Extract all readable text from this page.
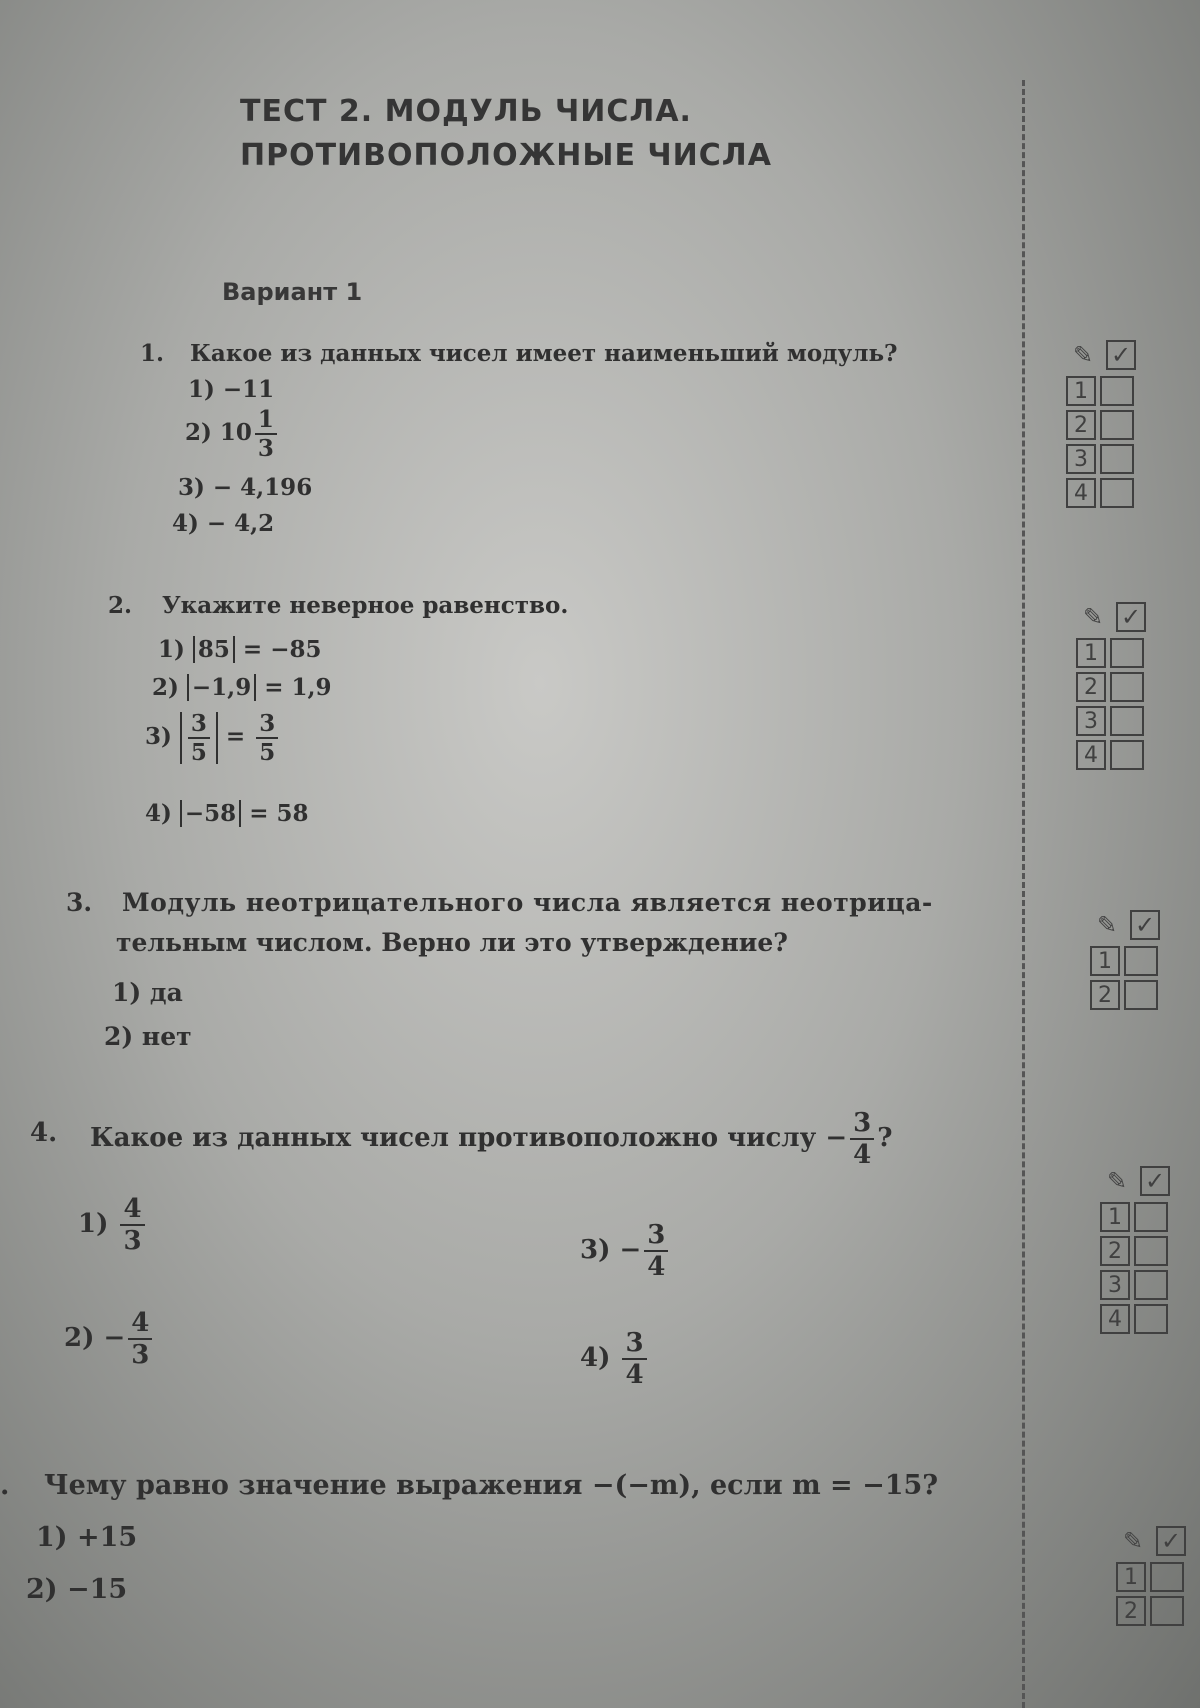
ТЕСТ 2. МОДУЛЬ ЧИСЛА.
ПРОТИВОПОЛОЖНЫЕ ЧИСЛА
Вариант 1
1. Какое из данных чисел имеет наименьший модуль?
1) −11
2) $10 \frac{1}{3}$
3) − 4,196
4) − 4,2
2. Укажите неверное равенство.
1) 85 = −85
2) −1,9 = 1,9
$3) \frac{3}{5} = \frac{3}{5}$
4) −58 = 58
3. Модуль неотрицательного числа является неотрица-
тельным числом. Верно ли это утверждение?
1) да
2) нет
4. Какое из данных чисел противоположно числу − $\frac{3}{4}$ ?
$1) \frac{4}{3}$
$2) - \frac{4}{3}$
$3) - \frac{3}{4}$
$4) \frac{3}{4}$
. Чему равно значение выражения −(−m), если m = −15?
1) +15
2) −15
✎ ✓
1
2
3
4
✎ ✓
1
2
3
4
✎ ✓
1
2
✎ ✓
1
2
3
4
✎ ✓
1
2
